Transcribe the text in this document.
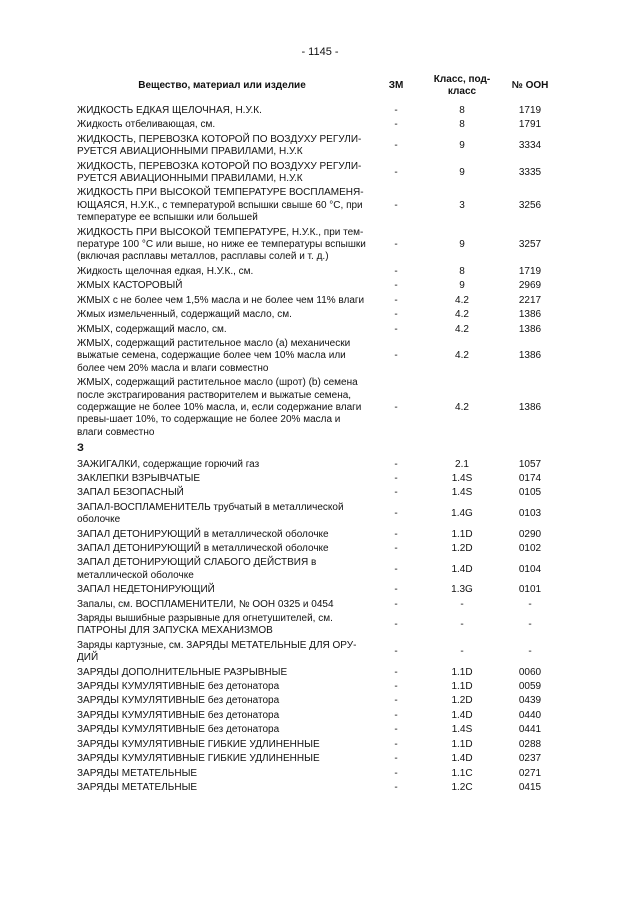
- 1145 -
Вещество, материал или изделие	ЗМ	Класс, под-класс	№ ООН
ЖИДКОСТЬ ЕДКАЯ ЩЕЛОЧНАЯ, Н.У.К.	-	8	1719
Жидкость отбеливающая, см.	-	8	1791
ЖИДКОСТЬ, ПЕРЕВОЗКА КОТОРОЙ ПО ВОЗДУХУ РЕГУЛИ-РУЕТСЯ АВИАЦИОННЫМИ ПРАВИЛАМИ, Н.У.К	-	9	3334
ЖИДКОСТЬ, ПЕРЕВОЗКА КОТОРОЙ ПО ВОЗДУХУ РЕГУЛИ-РУЕТСЯ АВИАЦИОННЫМИ ПРАВИЛАМИ, Н.У.К	-	9	3335
ЖИДКОСТЬ ПРИ ВЫСОКОЙ ТЕМПЕРАТУРЕ ВОСПЛАМЕНЯ-ЮЩАЯСЯ, Н.У.К., с температурой вспышки свыше 60 °С, при температуре ее вспышки или большей	-	3	3256
ЖИДКОСТЬ ПРИ ВЫСОКОЙ ТЕМПЕРАТУРЕ, Н.У.К., при тем-пературе 100 °С или выше, но ниже ее температуры вспышки (включая расплавы металлов, расплавы солей и т. д.)	-	9	3257
Жидкость щелочная едкая, Н.У.К., см.	-	8	1719
ЖМЫХ КАСТОРОВЫЙ	-	9	2969
ЖМЫХ с не более чем 1,5% масла и не более чем 11% влаги	-	4.2	2217
Жмых измельченный, содержащий масло, см.	-	4.2	1386
ЖМЫХ, содержащий масло, см.	-	4.2	1386
ЖМЫХ, содержащий растительное масло (a) механически выжатые семена, содержащие более чем 10% масла или более чем 20% масла и влаги совместно	-	4.2	1386
ЖМЫХ, содержащий растительное масло (шрот) (b) семена после экстрагирования растворителем и выжатые семена, содержащие не более 10% масла, и, если содержание влаги превы-шает 10%, то содержащие не более 20% масла и влаги совместно	-	4.2	1386
З			
ЗАЖИГАЛКИ, содержащие горючий газ	-	2.1	1057
ЗАКЛЕПКИ ВЗРЫВЧАТЫЕ	-	1.4S	0174
ЗАПАЛ БЕЗОПАСНЫЙ	-	1.4S	0105
ЗАПАЛ-ВОСПЛАМЕНИТЕЛЬ трубчатый в металлической оболочке	-	1.4G	0103
ЗАПАЛ ДЕТОНИРУЮЩИЙ в металлической оболочке	-	1.1D	0290
ЗАПАЛ ДЕТОНИРУЮЩИЙ в металлической оболочке	-	1.2D	0102
ЗАПАЛ ДЕТОНИРУЮЩИЙ СЛАБОГО ДЕЙСТВИЯ в металлической оболочке	-	1.4D	0104
ЗАПАЛ НЕДЕТОНИРУЮЩИЙ	-	1.3G	0101
Запалы, см. ВОСПЛАМЕНИТЕЛИ, № ООН 0325 и 0454	-	-	-
Заряды вышибные разрывные для огнетушителей, см. ПАТРОНЫ ДЛЯ ЗАПУСКА МЕХАНИЗМОВ	-	-	-
Заряды картузные, см. ЗАРЯДЫ МЕТАТЕЛЬНЫЕ ДЛЯ ОРУ-ДИЙ	-	-	-
ЗАРЯДЫ ДОПОЛНИТЕЛЬНЫЕ РАЗРЫВНЫЕ	-	1.1D	0060
ЗАРЯДЫ КУМУЛЯТИВНЫЕ без детонатора	-	1.1D	0059
ЗАРЯДЫ КУМУЛЯТИВНЫЕ без детонатора	-	1.2D	0439
ЗАРЯДЫ КУМУЛЯТИВНЫЕ без детонатора	-	1.4D	0440
ЗАРЯДЫ КУМУЛЯТИВНЫЕ без детонатора	-	1.4S	0441
ЗАРЯДЫ КУМУЛЯТИВНЫЕ ГИБКИЕ УДЛИНЕННЫЕ	-	1.1D	0288
ЗАРЯДЫ КУМУЛЯТИВНЫЕ ГИБКИЕ УДЛИНЕННЫЕ	-	1.4D	0237
ЗАРЯДЫ МЕТАТЕЛЬНЫЕ	-	1.1C	0271
ЗАРЯДЫ МЕТАТЕЛЬНЫЕ	-	1.2C	0415
